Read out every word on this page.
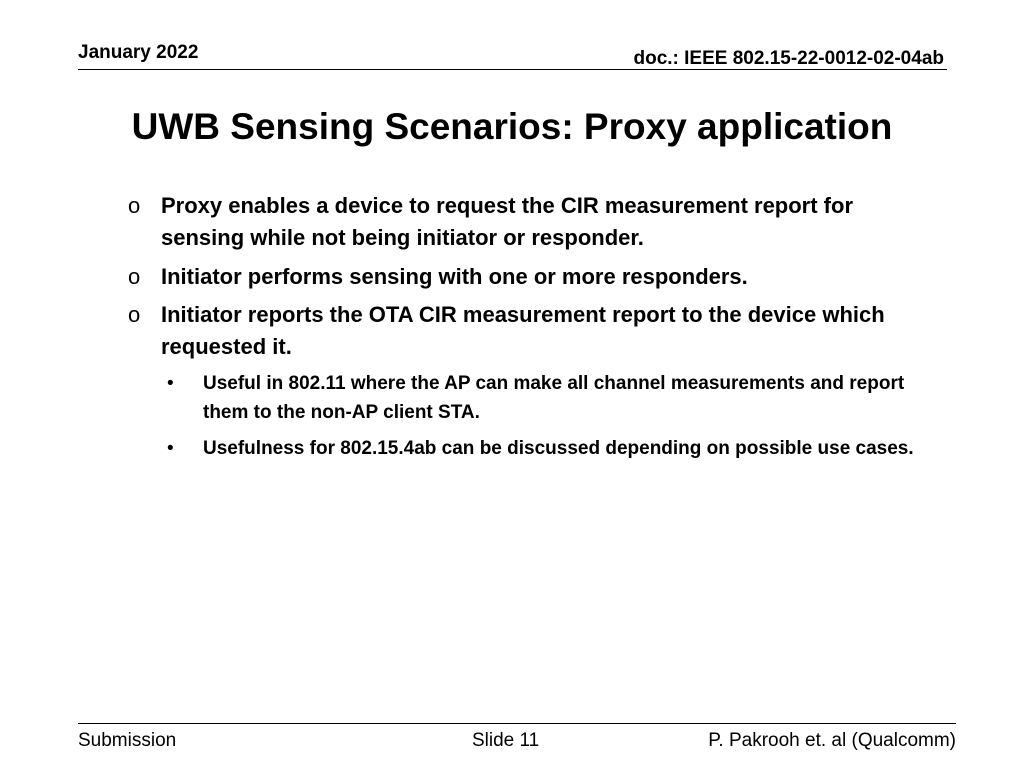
January 2022	doc.: IEEE 802.15-22-0012-02-04ab
UWB Sensing Scenarios: Proxy application
o Proxy enables a device to request the CIR measurement report for sensing while not being initiator or responder.
o Initiator performs sensing with one or more responders.
o Initiator reports the OTA CIR measurement report to the device which requested it.
• Useful in 802.11 where the AP can make all channel measurements and report them to the non-AP client STA.
• Usefulness for 802.15.4ab can be discussed depending on possible use cases.
Submission	Slide 11	P. Pakrooh et. al (Qualcomm)
